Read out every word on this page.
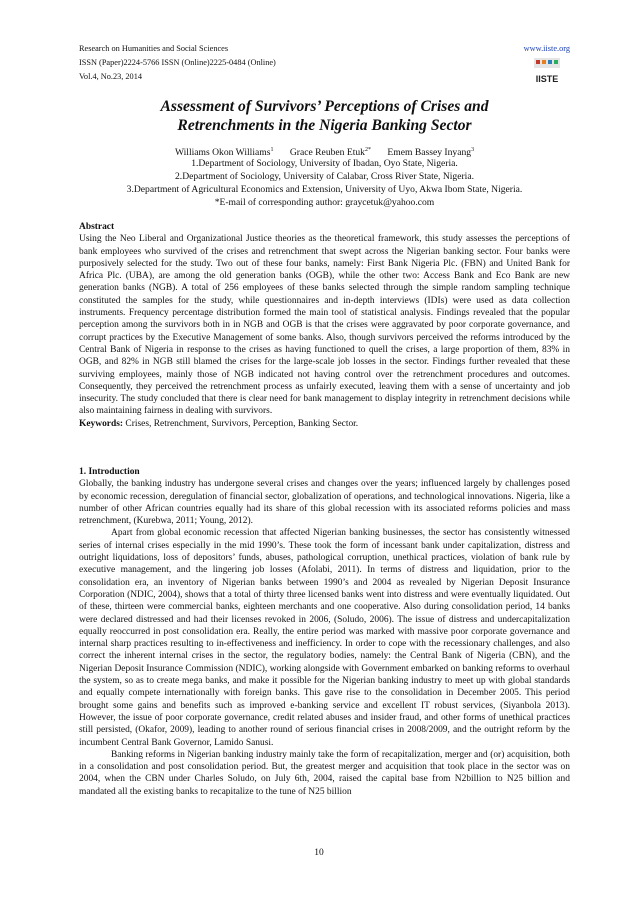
Research on Humanities and Social Sciences
ISSN (Paper)2224-5766 ISSN (Online)2225-0484 (Online)
Vol.4, No.23, 2014
www.iiste.org
IISTE
Assessment of Survivors’ Perceptions of Crises and
Retrenchments in the Nigeria Banking Sector
Williams Okon Williams$^1$ Grace Reuben Etuk$^{2*}$ Emem Bassey Inyang$^3$
1.Department of Sociology, University of Ibadan, Oyo State, Nigeria.
2.Department of Sociology, University of Calabar, Cross River State, Nigeria.
3.Department of Agricultural Economics and Extension, University of Uyo, Akwa Ibom State, Nigeria.
*E-mail of corresponding author: graycetuk@yahoo.com

Abstract

Using the Neo Liberal and Organizational Justice theories as the theoretical framework, this study assesses the perceptions of bank employees who survived of the crises and retrenchment that swept across the Nigerian banking sector. Four banks were purposively selected for the study. Two out of these four banks, namely: First Bank Nigeria Plc. (FBN) and United Bank for Africa Plc. (UBA), are among the old generation banks (OGB), while the other two: Access Bank and Eco Bank are new generation banks (NGB). A total of 256 employees of these banks selected through the simple random sampling technique constituted the samples for the study, while questionnaires and in-depth interviews (IDIs) were used as data collection instruments. Frequency percentage distribution formed the main tool of statistical analysis. Findings revealed that the popular perception among the survivors both in in NGB and OGB is that the crises were aggravated by poor corporate governance, and corrupt practices by the Executive Management of some banks. Also, though survivors perceived the reforms introduced by the Central Bank of Nigeria in response to the crises as having functioned to quell the crises, a large proportion of them, 83% in OGB, and 82% in NGB still blamed the crises for the large-scale job losses in the sector. Findings further revealed that these surviving employees, mainly those of NGB indicated not having control over the retrenchment procedures and outcomes. Consequently, they perceived the retrenchment process as unfairly executed, leaving them with a sense of uncertainty and job insecurity. The study concluded that there is clear need for bank management to display integrity in retrenchment decisions while also maintaining fairness in dealing with survivors.

Keywords: Crises, Retrenchment, Survivors, Perception, Banking Sector.

1. Introduction

Globally, the banking industry has undergone several crises and changes over the years; influenced largely by challenges posed by economic recession, deregulation of financial sector, globalization of operations, and technological innovations. Nigeria, like a number of other African countries equally had its share of this global recession with its associated reforms policies and mass retrenchment, (Kurebwa, 2011; Young, 2012).

Apart from global economic recession that affected Nigerian banking businesses, the sector has consistently witnessed series of internal crises especially in the mid 1990’s. These took the form of incessant bank under capitalization, distress and outright liquidations, loss of depositors’ funds, abuses, pathological corruption, unethical practices, violation of bank rule by executive management, and the lingering job losses (Afolabi, 2011). In terms of distress and liquidation, prior to the consolidation era, an inventory of Nigerian banks between 1990’s and 2004 as revealed by Nigerian Deposit Insurance Corporation (NDIC, 2004), shows that a total of thirty three licensed banks went into distress and were eventually liquidated. Out of these, thirteen were commercial banks, eighteen merchants and one cooperative. Also during consolidation period, 14 banks were declared distressed and had their licenses revoked in 2006, (Soludo, 2006). The issue of distress and undercapitalization equally reoccurred in post consolidation era. Really, the entire period was marked with massive poor corporate governance and internal sharp practices resulting to in-effectiveness and inefficiency. In order to cope with the recessionary challenges, and also correct the inherent internal crises in the sector, the regulatory bodies, namely: the Central Bank of Nigeria (CBN), and the Nigerian Deposit Insurance Commission (NDIC), working alongside with Government embarked on banking reforms to overhaul the system, so as to create mega banks, and make it possible for the Nigerian banking industry to meet up with global standards and equally compete internationally with foreign banks. This gave rise to the consolidation in December 2005. This period brought some gains and benefits such as improved e-banking service and excellent IT robust services, (Siyanbola 2013). However, the issue of poor corporate governance, credit related abuses and insider fraud, and other forms of unethical practices still persisted, (Okafor, 2009), leading to another round of serious financial crises in 2008/2009, and the outright reform by the incumbent Central Bank Governor, Lamido Sanusi.

Banking reforms in Nigerian banking industry mainly take the form of recapitalization, merger and (or) acquisition, both in a consolidation and post consolidation period. But, the greatest merger and acquisition that took place in the sector was on 2004, when the CBN under Charles Soludo, on July 6th, 2004, raised the capital base from N2billion to N25 billion and mandated all the existing banks to recapitalize to the tune of N25 billion

10
